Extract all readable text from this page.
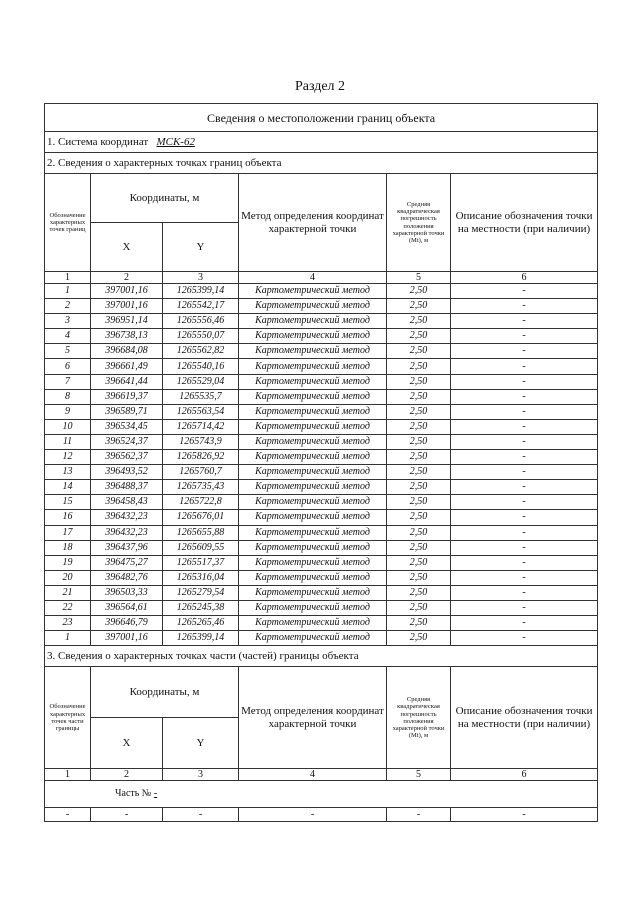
Раздел 2
Сведения о местоположении границ объекта					
1. Система координат МСК-62					
2. Сведения о характерных точках границ объекта					
Обозначение характерных точек границ	Координаты, м		Метод определения координат характерной точки	Средняя квадратическая погрешность положения характерной точки (Mt), м	Описание обозначения точки на местности (при наличии)
	X	Y			
1	2	3	4	5	6
1	397001,16	1265399,14	Картометрический метод	2,50	-
2	397001,16	1265542,17	Картометрический метод	2,50	-
3	396951,14	1265556,46	Картометрический метод	2,50	-
4	396738,13	1265550,07	Картометрический метод	2,50	-
5	396684,08	1265562,82	Картометрический метод	2,50	-
6	396661,49	1265540,16	Картометрический метод	2,50	-
7	396641,44	1265529,04	Картометрический метод	2,50	-
8	396619,37	1265535,7	Картометрический метод	2,50	-
9	396589,71	1265563,54	Картометрический метод	2,50	-
10	396534,45	1265714,42	Картометрический метод	2,50	-
11	396524,37	1265743,9	Картометрический метод	2,50	-
12	396562,37	1265826,92	Картометрический метод	2,50	-
13	396493,52	1265760,7	Картометрический метод	2,50	-
14	396488,37	1265735,43	Картометрический метод	2,50	-
15	396458,43	1265722,8	Картометрический метод	2,50	-
16	396432,23	1265676,01	Картометрический метод	2,50	-
17	396432,23	1265655,88	Картометрический метод	2,50	-
18	396437,96	1265609,55	Картометрический метод	2,50	-
19	396475,27	1265517,37	Картометрический метод	2,50	-
20	396482,76	1265316,04	Картометрический метод	2,50	-
21	396503,33	1265279,54	Картометрический метод	2,50	-
22	396564,61	1265245,38	Картометрический метод	2,50	-
23	396646,79	1265265,46	Картометрический метод	2,50	-
1	397001,16	1265399,14	Картометрический метод	2,50	-
3. Сведения о характерных точках части (частей) границы объекта					
Обозначение характерных точек части границы	Координаты, м		Метод определения координат характерной точки	Средняя квадратическая погрешность положения характерной точки (Mt), м	Описание обозначения точки на местности (при наличии)
	X	Y			
1	2	3	4	5	6
Часть № -					
-	-	-	-	-	-
